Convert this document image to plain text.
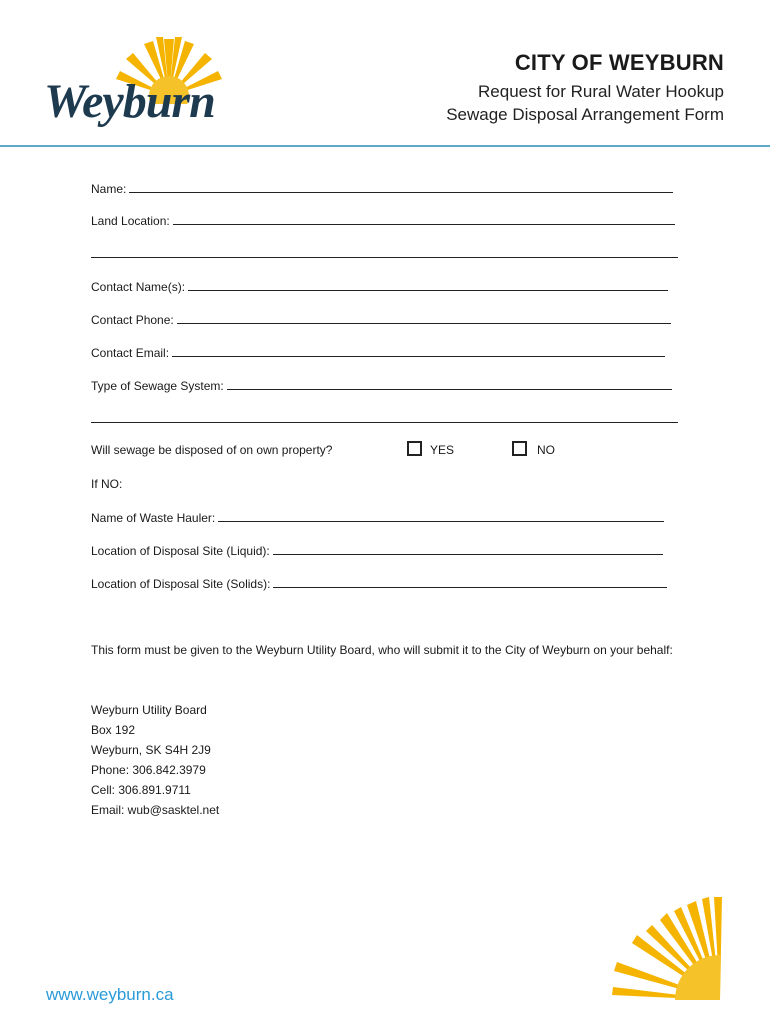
Weyburn
CITY OF WEYBURN
Request for Rural Water Hookup
Sewage Disposal Arrangement Form
Name:
Land Location:
Contact Name(s):
Contact Phone:
Contact Email:
Type of Sewage System:
Will sewage be disposed of on own property?	YES	NO
If NO:
Name of Waste Hauler:
Location of Disposal Site (Liquid):
Location of Disposal Site (Solids):
This form must be given to the Weyburn Utility Board, who will submit it to the City of Weyburn on your behalf:
Weyburn Utility Board
Box 192
Weyburn, SK S4H 2J9
Phone: 306.842.3979
Cell: 306.891.9711
Email: wub@sasktel.net
www.weyburn.ca
